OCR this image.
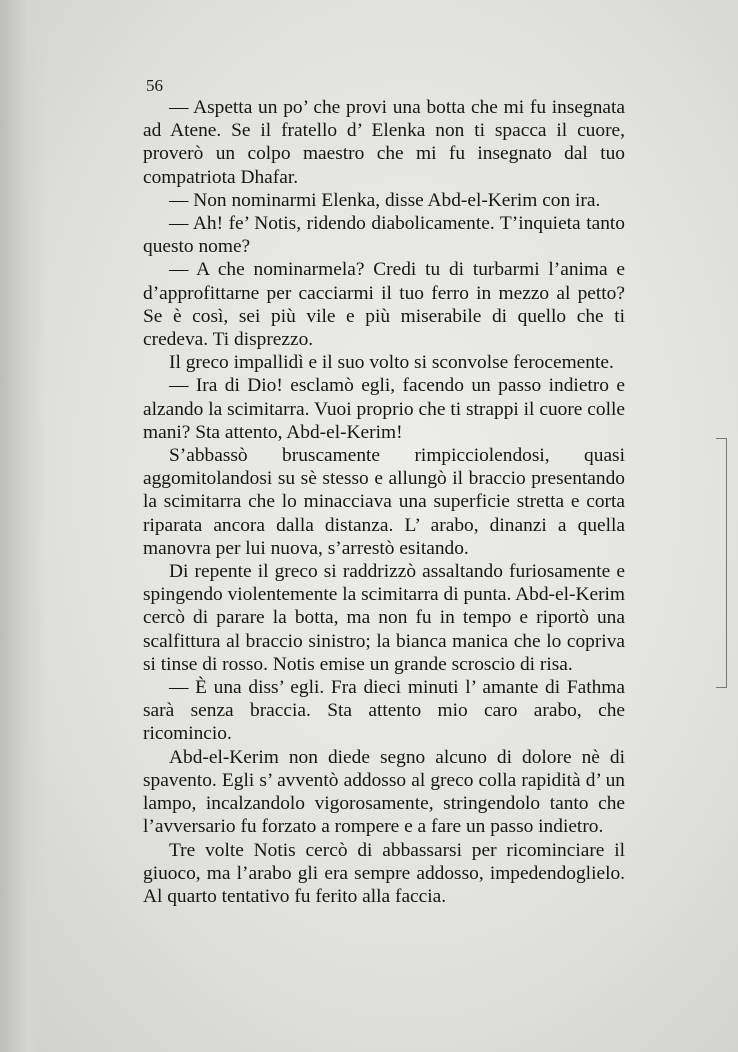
56

— Aspetta un po’ che provi una botta che mi fu insegnata ad Atene. Se il fratello d’ Elenka non ti spacca il cuore, proverò un colpo maestro che mi fu insegnato dal tuo compatriota Dhafar.

— Non nominarmi Elenka, disse Abd-el-Kerim con ira.

— Ah! fe’ Notis, ridendo diabolicamente. T’inquieta tanto questo nome?

— A che nominarmela? Credi tu di turbarmi l’anima e d’approfittarne per cacciarmi il tuo ferro in mezzo al petto? Se è così, sei più vile e più miserabile di quello che ti credeva. Ti disprezzo.

Il greco impallidì e il suo volto si sconvolse ferocemente.

— Ira di Dio! esclamò egli, facendo un passo indietro e alzando la scimitarra. Vuoi proprio che ti strappi il cuore colle mani? Sta attento, Abd-el-Kerim!

S’abbassò bruscamente rimpicciolendosi, quasi aggomitolandosi su sè stesso e allungò il braccio presentando la scimitarra che lo minacciava una superficie stretta e corta riparata ancora dalla distanza. L’ arabo, dinanzi a quella manovra per lui nuova, s’arrestò esitando.

Di repente il greco si raddrizzò assaltando furiosamente e spingendo violentemente la scimitarra di punta. Abd-el-Kerim cercò di parare la botta, ma non fu in tempo e riportò una scalfittura al braccio sinistro; la bianca manica che lo copriva si tinse di rosso. Notis emise un grande scroscio di risa.

— È una diss’ egli. Fra dieci minuti l’ amante di Fathma sarà senza braccia. Sta attento mio caro arabo, che ricomincio.

Abd-el-Kerim non diede segno alcuno di dolore nè di spavento. Egli s’ avventò addosso al greco colla rapidità d’ un lampo, incalzandolo vigorosamente, stringendolo tanto che l’avversario fu forzato a rompere e a fare un passo indietro.

Tre volte Notis cercò di abbassarsi per ricominciare il giuoco, ma l’arabo gli era sempre addosso, impedendoglielo. Al quarto tentativo fu ferito alla faccia.
